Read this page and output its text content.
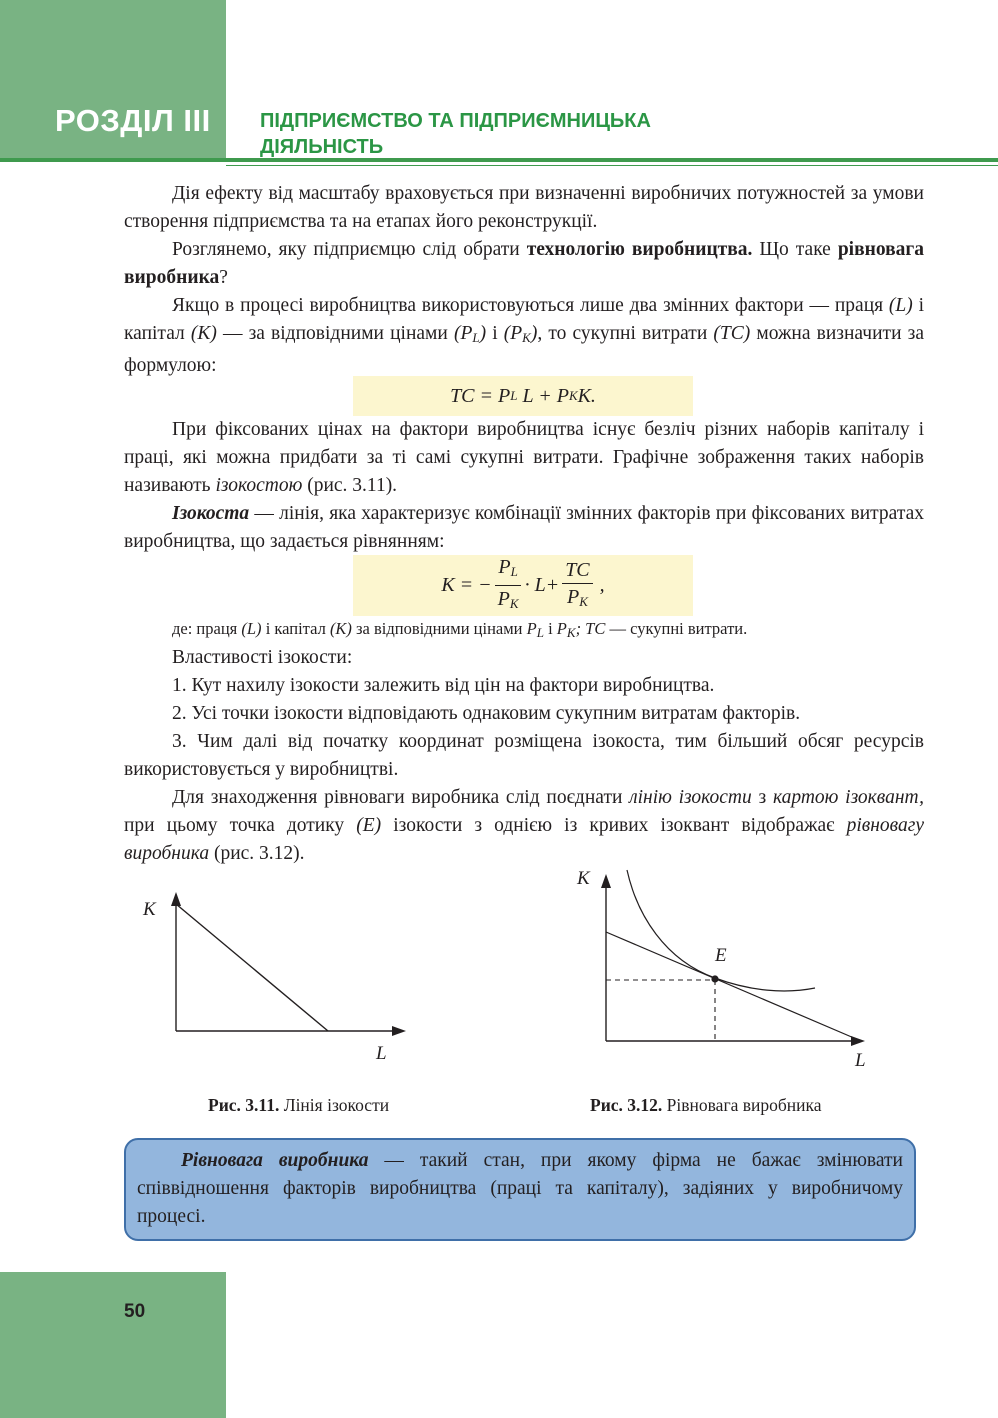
РОЗДІЛ III ПІДПРИЄМСТВО ТА ПІДПРИЄМНИЦЬКА
ДІЯЛЬНІСТЬ

Дія ефекту від масштабу враховується при визначенні виробничих потужностей за умови створення підприємства та на етапах його реконструкції.

Розглянемо, яку підприємцю слід обрати технологію виробництва. Що таке рівновага виробника?

Якщо в процесі виробництва використовуються лише два змінних фактори — праця (L) і капітал (К) — за відповідними цінами $(P_L)$ і $(P_K)$, то сукупні витрати (ТС) можна визначити за формулою:

ТС = P L
L + P K К.

При фіксованих цінах на фактори виробництва існує безліч різних наборів капіталу і праці, які можна придбати за ті самі сукупні витрати. Графічне зображення таких наборів називають ізокостою (рис. 3.11).

Ізокоста — лінія, яка характеризує комбінації змінних факторів при фіксованих витратах виробництва, що задається рівнянням:

K = − $\frac{P_L}{P_K} \cdot L+ \frac{TC}{P_K}$ ,

де: праця (L) і капітал (К) за відповідними цінами $P_L$ і $P_K$; ТС — сукупні витрати.

Властивості ізокости:

1. Кут нахилу ізокости залежить від цін на фактори виробництва.

2. Усі точки ізокости відповідають однаковим сукупним витратам факторів.

3. Чим далі від початку координат розміщена ізокоста, тим більший обсяг ресурсів використовується у виробництві.

Для знаходження рівноваги виробника слід поєднати лінію ізокости з картою ізоквант, при цьому точка дотику (Е) ізокости з однією із кривих ізоквант відображає рівновагу виробника (рис. 3.12).

К
L
Рис. 3.11. Лінія ізокости
E
К
L
Рис. 3.12. Рівновага виробника
Рівновага виробника — такий стан, при якому фірма не бажає змінювати співвідношення факторів виробництва (праці та капіталу), задіяних у виробничому процесі.
50
